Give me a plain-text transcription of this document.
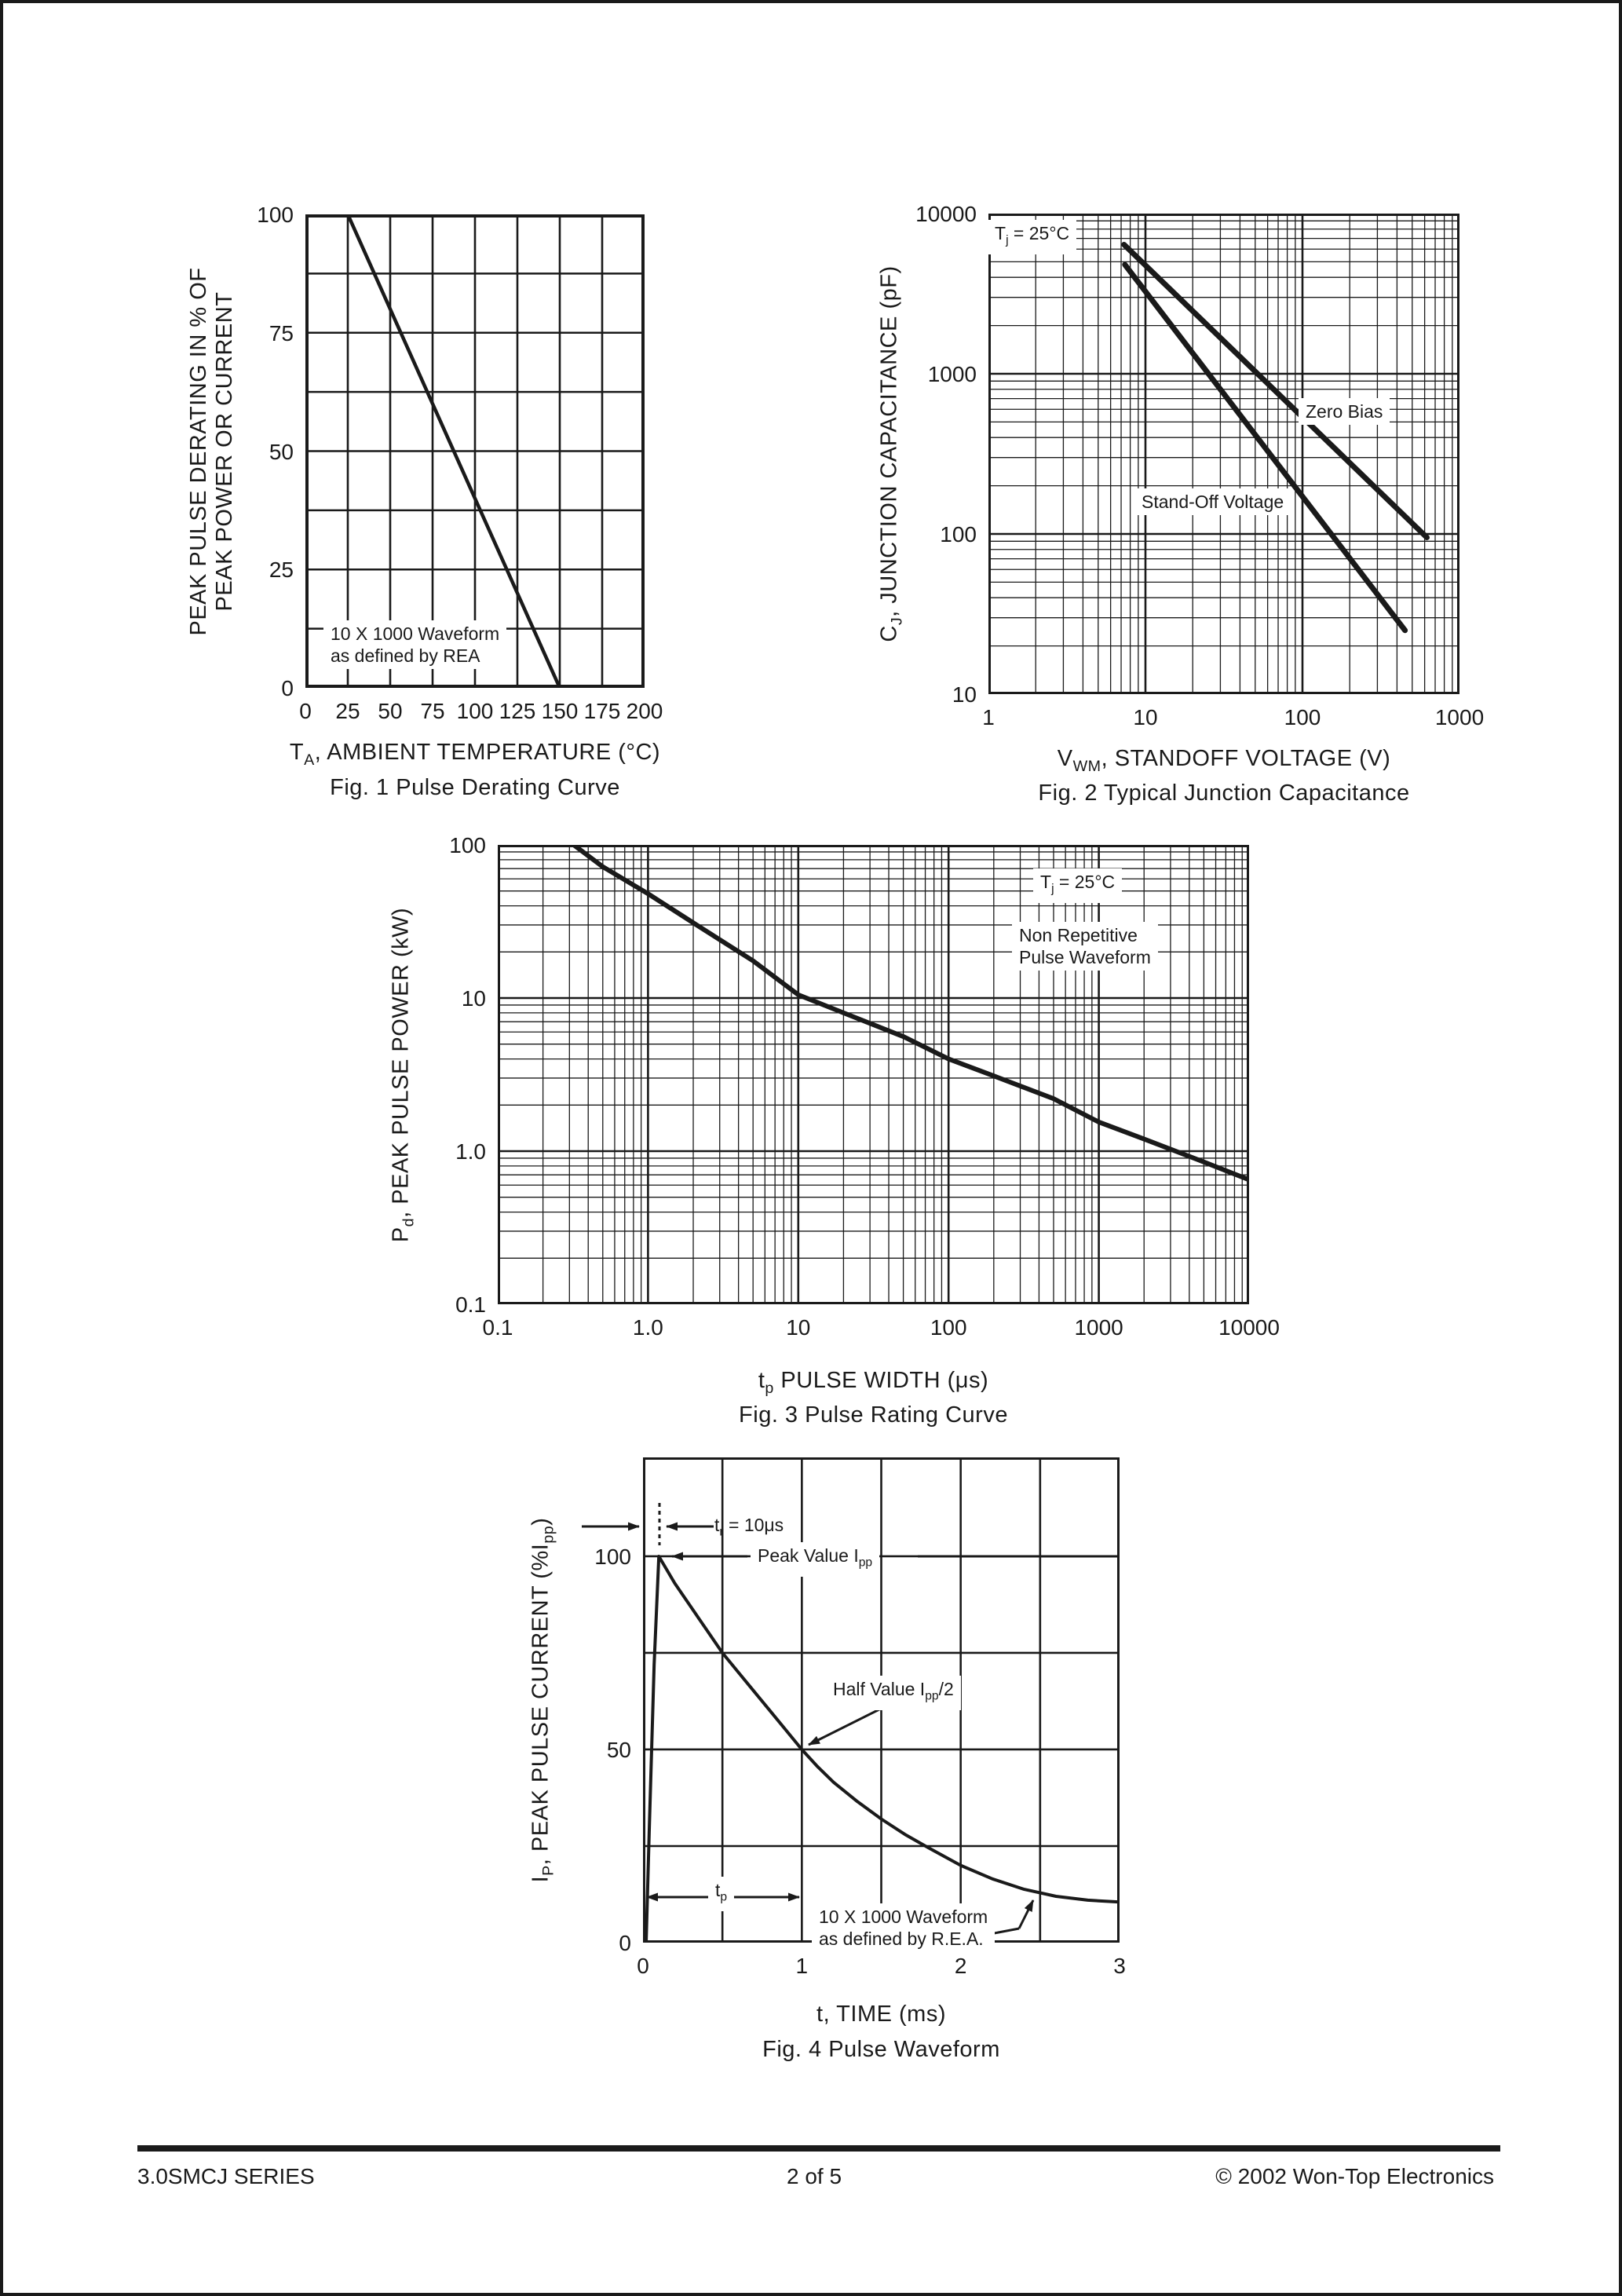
3.0SMCJ SERIES	2 of 5	© 2002 Won-Top Electronics
0 25 50 75 100 125 150 175 200
100
75
50
25
0
$T_A$, AMBIENT TEMPERATURE (°C)
Fig. 1 Pulse Derating Curve
PEAK PULSE DERATING IN % OF PEAK POWER OR CURRENT
10 X 1000 Waveform
as defined by REA
1	10	100	1000
10000
1000
100
10
$V_{WM}$, STANDOFF VOLTAGE (V)
Fig. 2 Typical Junction Capacitance
$C_J$, JUNCTION CAPACITANCE (pF)
$T_j = 25^\circ C$
Zero Bias
Stand-Off Voltage
0.1	1.0	10	100	1000	10000
100
10
1.0
0.1
$t_p$ PULSE WIDTH (μs)
Fig. 3 Pulse Rating Curve
$P_d$, PEAK PULSE POWER (kW)
$T_j = 25^\circ C$
Non Repetitive
Pulse Waveform
0	1	2	3
100
50
0
t, TIME (ms)
Fig. 4 Pulse Waveform
$I_P$, PEAK PULSE CURRENT $(\%I_{pp})$	$t_r = 10\mu s$
Peak Value $I_{pp}$
Half Value $I_{pp}/2$
$t_p$
10 X 1000 Waveform
as defined by R.E.A.
